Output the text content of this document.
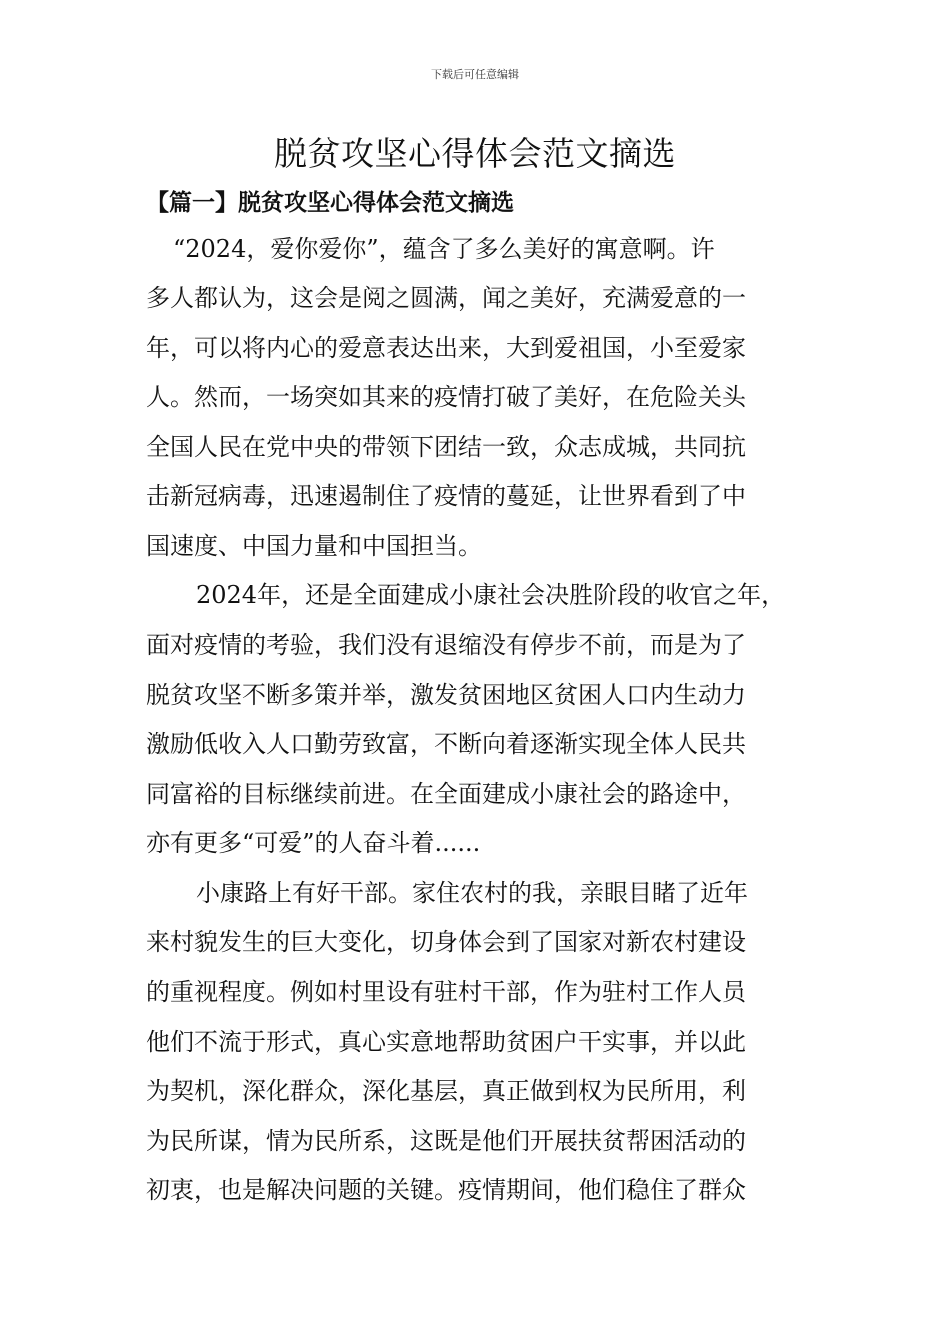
下载后可任意编辑
脱贫攻坚心得体会范文摘选
【篇一】脱贫攻坚心得体会范文摘选
“2024，爱你爱你”，蕴含了多么美好的寓意啊。许
多人都认为，这会是阅之圆满，闻之美好，充满爱意的一
年，可以将内心的爱意表达出来，大到爱祖国，小至爱家
人。然而，一场突如其来的疫情打破了美好，在危险关头
全国人民在党中央的带领下团结一致，众志成城，共同抗
击新冠病毒，迅速遏制住了疫情的蔓延，让世界看到了中
国速度、中国力量和中国担当。
2024年，还是全面建成小康社会决胜阶段的收官之年，
面对疫情的考验，我们没有退缩没有停步不前，而是为了
脱贫攻坚不断多策并举，激发贫困地区贫困人口内生动力
激励低收入人口勤劳致富，不断向着逐渐实现全体人民共
同富裕的目标继续前进。在全面建成小康社会的路途中，
亦有更多“可爱”的人奋斗着......
小康路上有好干部。家住农村的我，亲眼目睹了近年
来村貌发生的巨大变化，切身体会到了国家对新农村建设
的重视程度。例如村里设有驻村干部，作为驻村工作人员
他们不流于形式，真心实意地帮助贫困户干实事，并以此
为契机，深化群众，深化基层，真正做到权为民所用，利
为民所谋，情为民所系，这既是他们开展扶贫帮困活动的
初衷，也是解决问题的关键。疫情期间，他们稳住了群众
